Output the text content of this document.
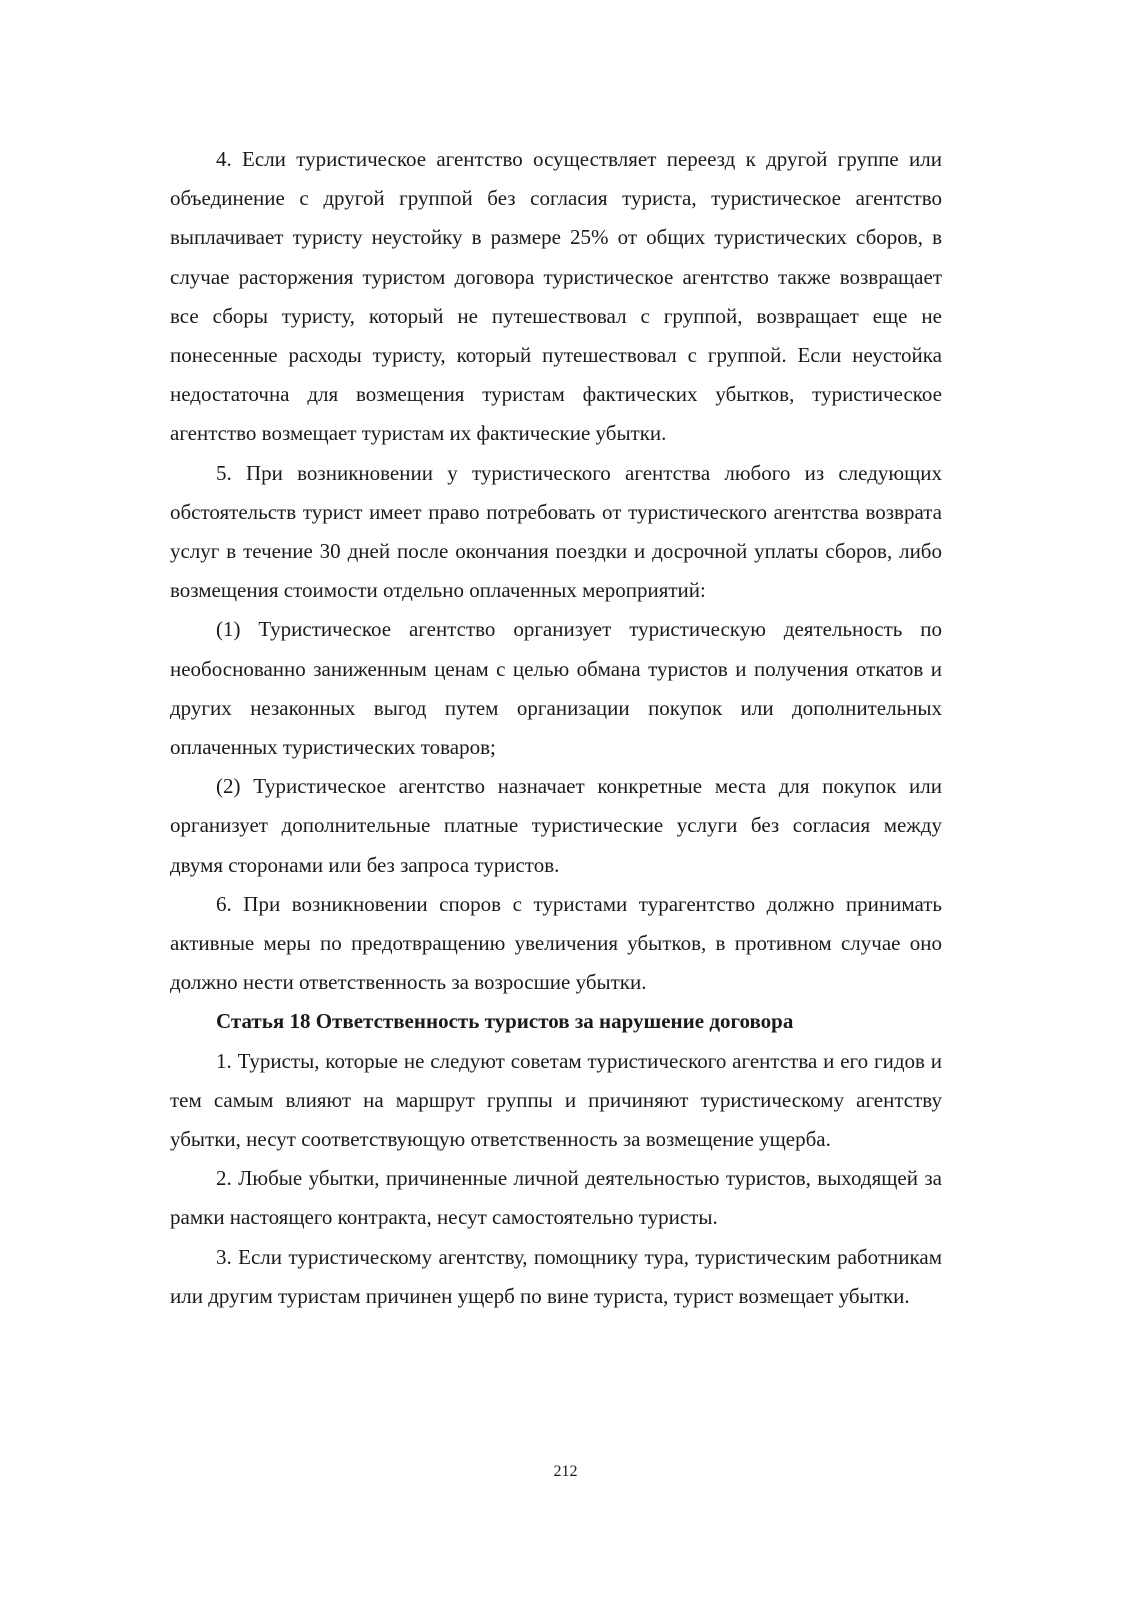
4. Если туристическое агентство осуществляет переезд к другой группе или объединение с другой группой без согласия туриста, туристическое агентство выплачивает туристу неустойку в размере 25% от общих туристических сборов, в случае расторжения туристом договора туристическое агентство также возвращает все сборы туристу, который не путешествовал с группой, возвращает еще не понесенные расходы туристу, который путешествовал с группой. Если неустойка недостаточна для возмещения туристам фактических убытков, туристическое агентство возмещает туристам их фактические убытки.

5. При возникновении у туристического агентства любого из следующих обстоятельств турист имеет право потребовать от туристического агентства возврата услуг в течение 30 дней после окончания поездки и досрочной уплаты сборов, либо возмещения стоимости отдельно оплаченных мероприятий:

(1) Туристическое агентство организует туристическую деятельность по необоснованно заниженным ценам с целью обмана туристов и получения откатов и других незаконных выгод путем организации покупок или дополнительных оплаченных туристических товаров;

(2) Туристическое агентство назначает конкретные места для покупок или организует дополнительные платные туристические услуги без согласия между двумя сторонами или без запроса туристов.

6. При возникновении споров с туристами турагентство должно принимать активные меры по предотвращению увеличения убытков, в противном случае оно должно нести ответственность за возросшие убытки.

Статья 18 Ответственность туристов за нарушение договора

1. Туристы, которые не следуют советам туристического агентства и его гидов и тем самым влияют на маршрут группы и причиняют туристическому агентству убытки, несут соответствующую ответственность за возмещение ущерба.

2. Любые убытки, причиненные личной деятельностью туристов, выходящей за рамки настоящего контракта, несут самостоятельно туристы.

3. Если туристическому агентству, помощнику тура, туристическим работникам или другим туристам причинен ущерб по вине туриста, турист возмещает убытки.

212
